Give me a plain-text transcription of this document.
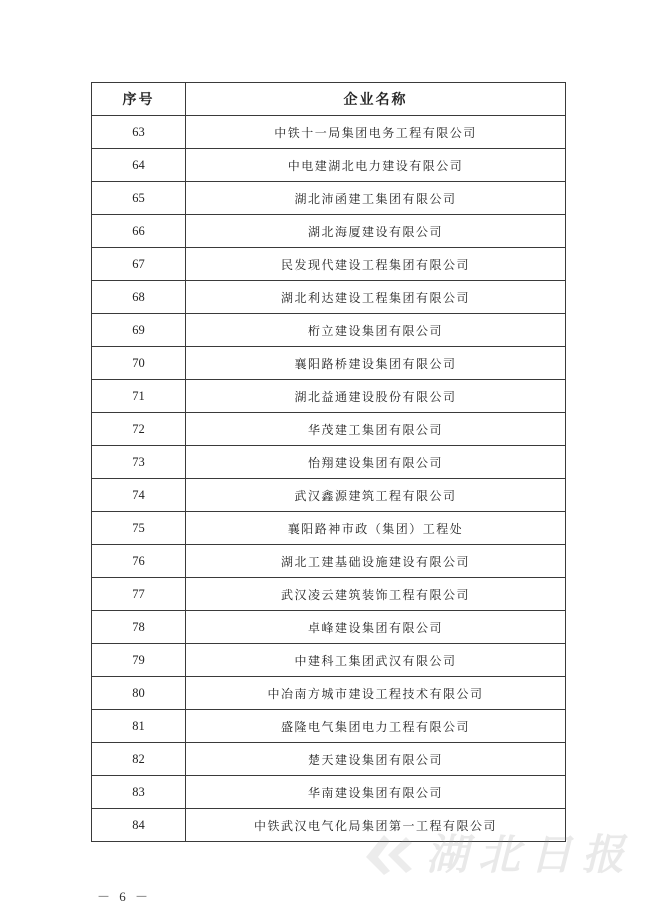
序号	企业名称
63	中铁十一局集团电务工程有限公司
64	中电建湖北电力建设有限公司
65	湖北沛函建工集团有限公司
66	湖北海厦建设有限公司
67	民发现代建设工程集团有限公司
68	湖北利达建设工程集团有限公司
69	桁立建设集团有限公司
70	襄阳路桥建设集团有限公司
71	湖北益通建设股份有限公司
72	华茂建工集团有限公司
73	怡翔建设集团有限公司
74	武汉鑫源建筑工程有限公司
75	襄阳路神市政（集团）工程处
76	湖北工建基础设施建设有限公司
77	武汉凌云建筑装饰工程有限公司
78	卓峰建设集团有限公司
79	中建科工集团武汉有限公司
80	中冶南方城市建设工程技术有限公司
81	盛隆电气集团电力工程有限公司
82	楚天建设集团有限公司
83	华南建设集团有限公司
84	中铁武汉电气化局集团第一工程有限公司
－ 6 －
湖北日报
